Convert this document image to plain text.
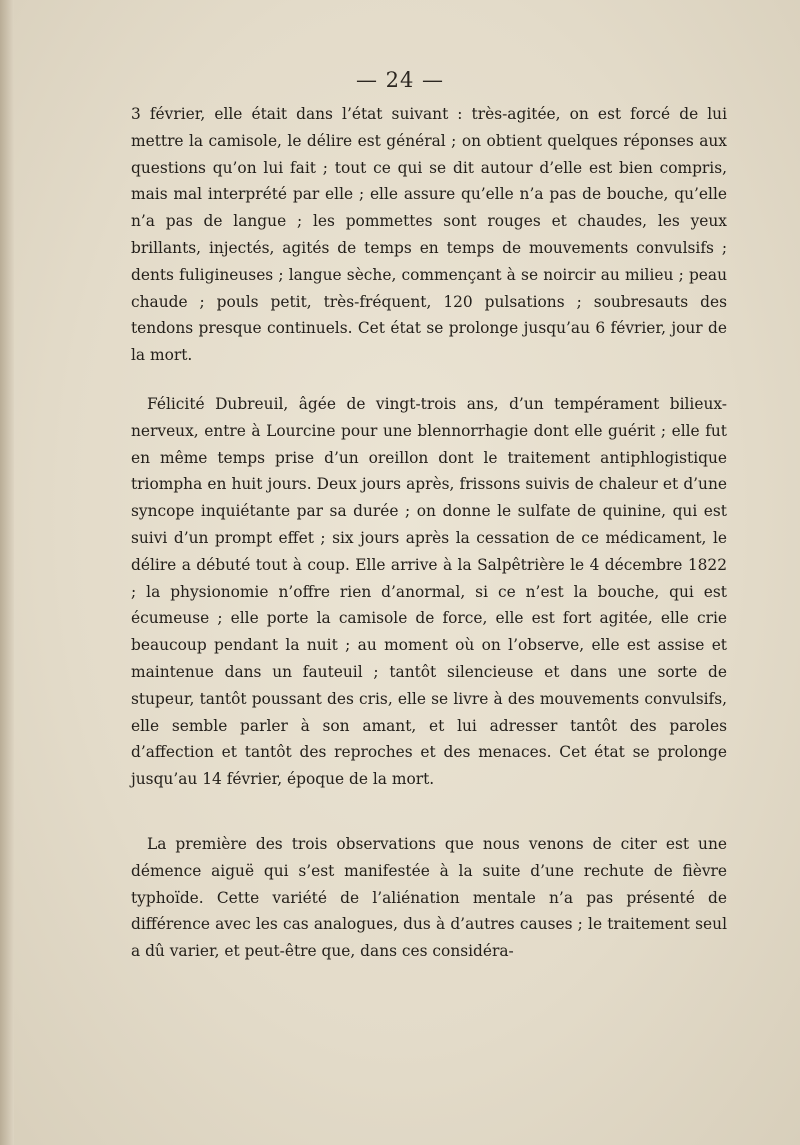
— 24 —

3 février, elle était dans l’état suivant : très-agitée, on est forcé de lui mettre la camisole, le délire est général ; on obtient quelques réponses aux questions qu’on lui fait ; tout ce qui se dit autour d’elle est bien compris, mais mal interprété par elle ; elle assure qu’elle n’a pas de bouche, qu’elle n’a pas de langue ; les pommettes sont rouges et chaudes, les yeux brillants, injectés, agités de temps en temps de mouvements convulsifs ; dents fuligineuses ; langue sèche, commençant à se noircir au milieu ; peau chaude ; pouls petit, très-fréquent, 120 pulsations ; soubresauts des tendons presque continuels. Cet état se prolonge jusqu’au 6 février, jour de la mort.

Félicité Dubreuil, âgée de vingt-trois ans, d’un tempérament bilieux-nerveux, entre à Lourcine pour une blennorrhagie dont elle guérit ; elle fut en même temps prise d’un oreillon dont le traitement antiphlogistique triompha en huit jours. Deux jours après, frissons suivis de chaleur et d’une syncope inquiétante par sa durée ; on donne le sulfate de quinine, qui est suivi d’un prompt effet ; six jours après la cessation de ce médicament, le délire a débuté tout à coup. Elle arrive à la Salpêtrière le 4 décembre 1822 ; la physionomie n’offre rien d’anormal, si ce n’est la bouche, qui est écumeuse ; elle porte la camisole de force, elle est fort agitée, elle crie beaucoup pendant la nuit ; au moment où on l’observe, elle est assise et maintenue dans un fauteuil ; tantôt silencieuse et dans une sorte de stupeur, tantôt poussant des cris, elle se livre à des mouvements convulsifs, elle semble parler à son amant, et lui adresser tantôt des paroles d’affection et tantôt des reproches et des menaces. Cet état se prolonge jusqu’au 14 février, époque de la mort.

La première des trois observations que nous venons de citer est une démence aiguë qui s’est manifestée à la suite d’une rechute de fièvre typhoïde. Cette variété de l’aliénation mentale n’a pas présenté de différence avec les cas analogues, dus à d’autres causes ; le traitement seul a dû varier, et peut-être que, dans ces considéra-
